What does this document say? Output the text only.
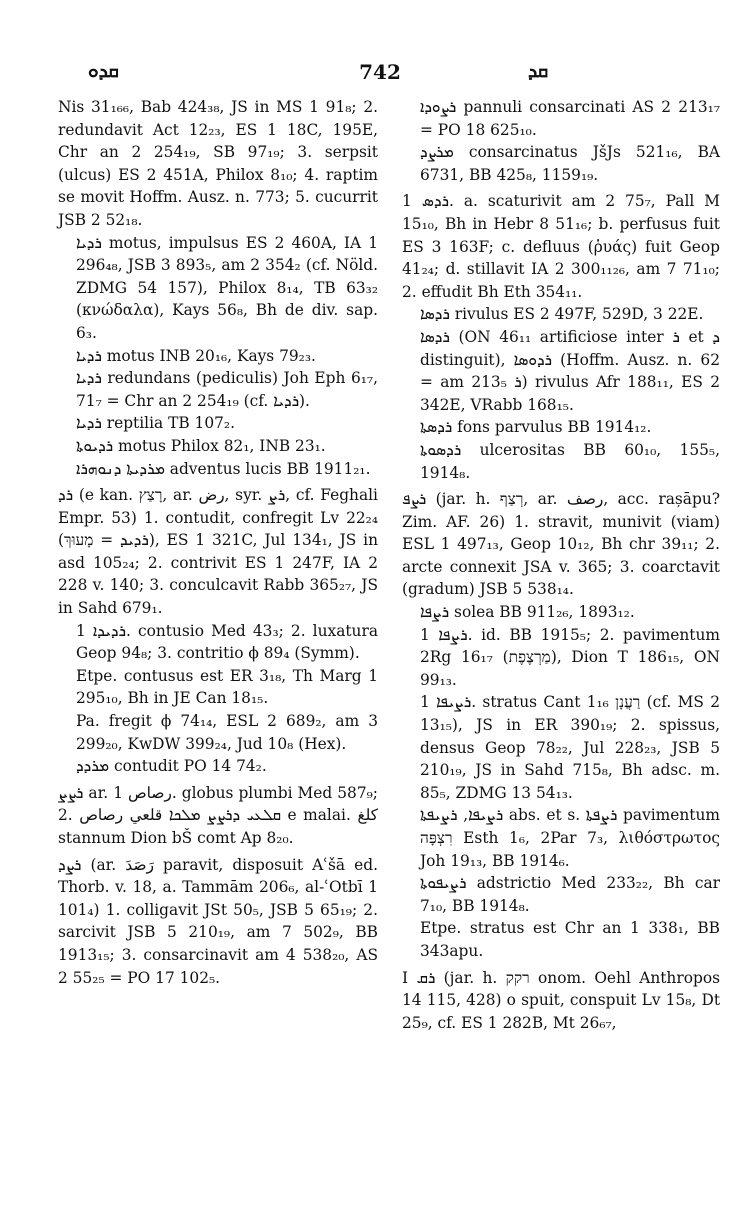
ܩܕܘ	742	ܩܕ

Nis 31₁₆₆, Bab 424₃₈, JS in MS 1 91₈; 2. redundavit Act 12₂₃, ES 1 18C, 195E, Chr an 2 254₁₉, SB 97₁₉; 3. serpsit (ulcus) ES 2 451A, Philox 8₁₀; 4. raptim se movit Hoffm. Ausz. n. 773; 5. cucurrit JSB 2 52₁₈.

ܪܕܝܐ motus, impulsus ES 2 460A, IA 1 296₄₈, JSB 3 893₅, am 2 354₂ (cf. Nöld. ZDMG 54 157), Philox 8₁₄, TB 63₃₂ (κνώδαλα), Kays 56₈, Bh de div. sap. 6₃.

ܪܕܝܐ motus INB 20₁₆, Kays 79₂₃.

ܪܕܝܐ redundans (pediculis) Joh Eph 6₁₇, 71₇ = Chr an 2 254₁₉ (cf. ܪܕܝܐ).

ܪܕܝܐ reptilia TB 107₂.

ܪܕܝܘܬܐ motus Philox 82₁, INB 23₁.

ܡܪܕܝܬܐ ܕܢܘܗܪܐ adventus lucis BB 1911₂₁.

ܪܕ (e kan. רָצַץ, ar. رض, syr. ܪܨ, cf. Feghali Empr. 53) 1. contudit, confregit Lv 22₂₄ (ܪܕܝܕ = מָעוּךְ), ES 1 321C, Jul 134₁, JS in asd 105₂₄; 2. contrivit ES 1 247F, IA 2 228 v. 140; 3. conculcavit Rabb 365₂₇, JS in Sahd 679₁.

ܪܕܝܕܐ 1. contusio Med 43₃; 2. luxatura Geop 94₈; 3. contritio ϕ 89₄ (Symm).

Etpe. contusus est ER 3₁₈, Th Marg 1 295₁₀, Bh in JE Can 18₁₅.

Pa. fregit ϕ 74₁₄, ESL 2 689₂, am 3 299₂₀, KwDW 399₂₄, Jud 10₈ (Hex).

ܡܪܕܕ contudit PO 14 74₂.

ܪܨܨ ar. رصاص 1. globus plumbi Med 587₉; 2. ܩܠܥܝ ܕܪܨܨ ܡܠܟܐ قلعي رصاص e malai. كلغ stannum Dion bŠ comt Ap 8₂₀.

ܪܨܕ (ar. رَصَدَ paravit, disposuit Aʿšā ed. Thorb. v. 18, a. Tammām 206₆, al-ʿOtbī 1 101₄) 1. colligavit JSt 50₅, JSB 5 65₁₉; 2. sarcivit JSB 5 210₁₉, am 7 502₉, BB 1913₁₅; 3. consarcinavit am 4 538₂₀, AS 2 55₂₅ = PO 17 102₅.

ܪܨܘܕܐ pannuli consarcinati AS 2 213₁₇ = PO 18 625₁₀.

ܡܪܨܕ consarcinatus JšJs 521₁₆, BA 6731, BB 425₈, 1159₁₉.

ܪܕܣ 1. a. scaturivit am 2 75₇, Pall M 15₁₀, Bh in Hebr 8 51₁₆; b. perfusus fuit ES 3 163F; c. defluus (ῥυάς) fuit Geop 41₂₄; d. stillavit IA 2 300₁₁₂₆, am 7 71₁₀; 2. effudit Bh Eth 354₁₁.

ܪܕܣܐ rivulus ES 2 497F, 529D, 3 22E.

ܪܕܣܐ (ON 46₁₁ artificiose inter ܪ et ܕ distinguit), ܪܕܘܣܐ (Hoffm. Ausz. n. 62 = am 213₅ ܪ) rivulus Afr 188₁₁, ES 2 342E, VRabb 168₁₅.

ܪܕܣܬܐ fons parvulus BB 1914₁₂.

ܪܕܣܘܬܐ ulcerositas BB 60₁₀, 155₅, 1914₈.

ܪܨܦ (jar. h. רְצַף, ar. رصف, acc. rașāpu? Zim. AF. 26) 1. stravit, munivit (viam) ESL 1 497₁₃, Geop 10₁₂, Bh chr 39₁₁; 2. arcte connexit JSA v. 365; 3. coarctavit (gradum) JSB 5 538₁₄.

ܪܨܦܐ solea BB 911₂₆, 1893₁₂.

ܪܨܦܐ 1. id. BB 1915₅; 2. pavimentum 2Rg 16₁₇ (מַרְצֶפֶת), Dion T 186₁₅, ON 99₁₃.

ܪܨܝܦܐ 1. stratus Cant 1₁₆ רַעֲנָן (cf. MS 2 13₁₅), JS in ER 390₁₉; 2. spissus, densus Geop 78₂₂, Jul 228₂₃, JSB 5 210₁₉, JS in Sahd 715₈, Bh adsc. m. 85₅, ZDMG 13 54₁₃.

ܪܨܝܦܐ, ܪܨܝܦܬܐ abs. et s. ܪܨܦܬܐ pavimentum רִצְפָּה Esth 1₆, 2Par 7₃, λιθόστρωτος Joh 19₁₃, BB 1914₆.

ܪܨܝܦܘܬܐ adstrictio Med 233₂₂, Bh car 7₁₀, BB 1914₈.

Etpe. stratus est Chr an 1 338₁, BB 343apu.

I ܪܩ (jar. h. רקק onom. Oehl Anthropos 14 115, 428) o spuit, conspuit Lv 15₈, Dt 25₉, cf. ES 1 282B, Mt 26₆₇,
